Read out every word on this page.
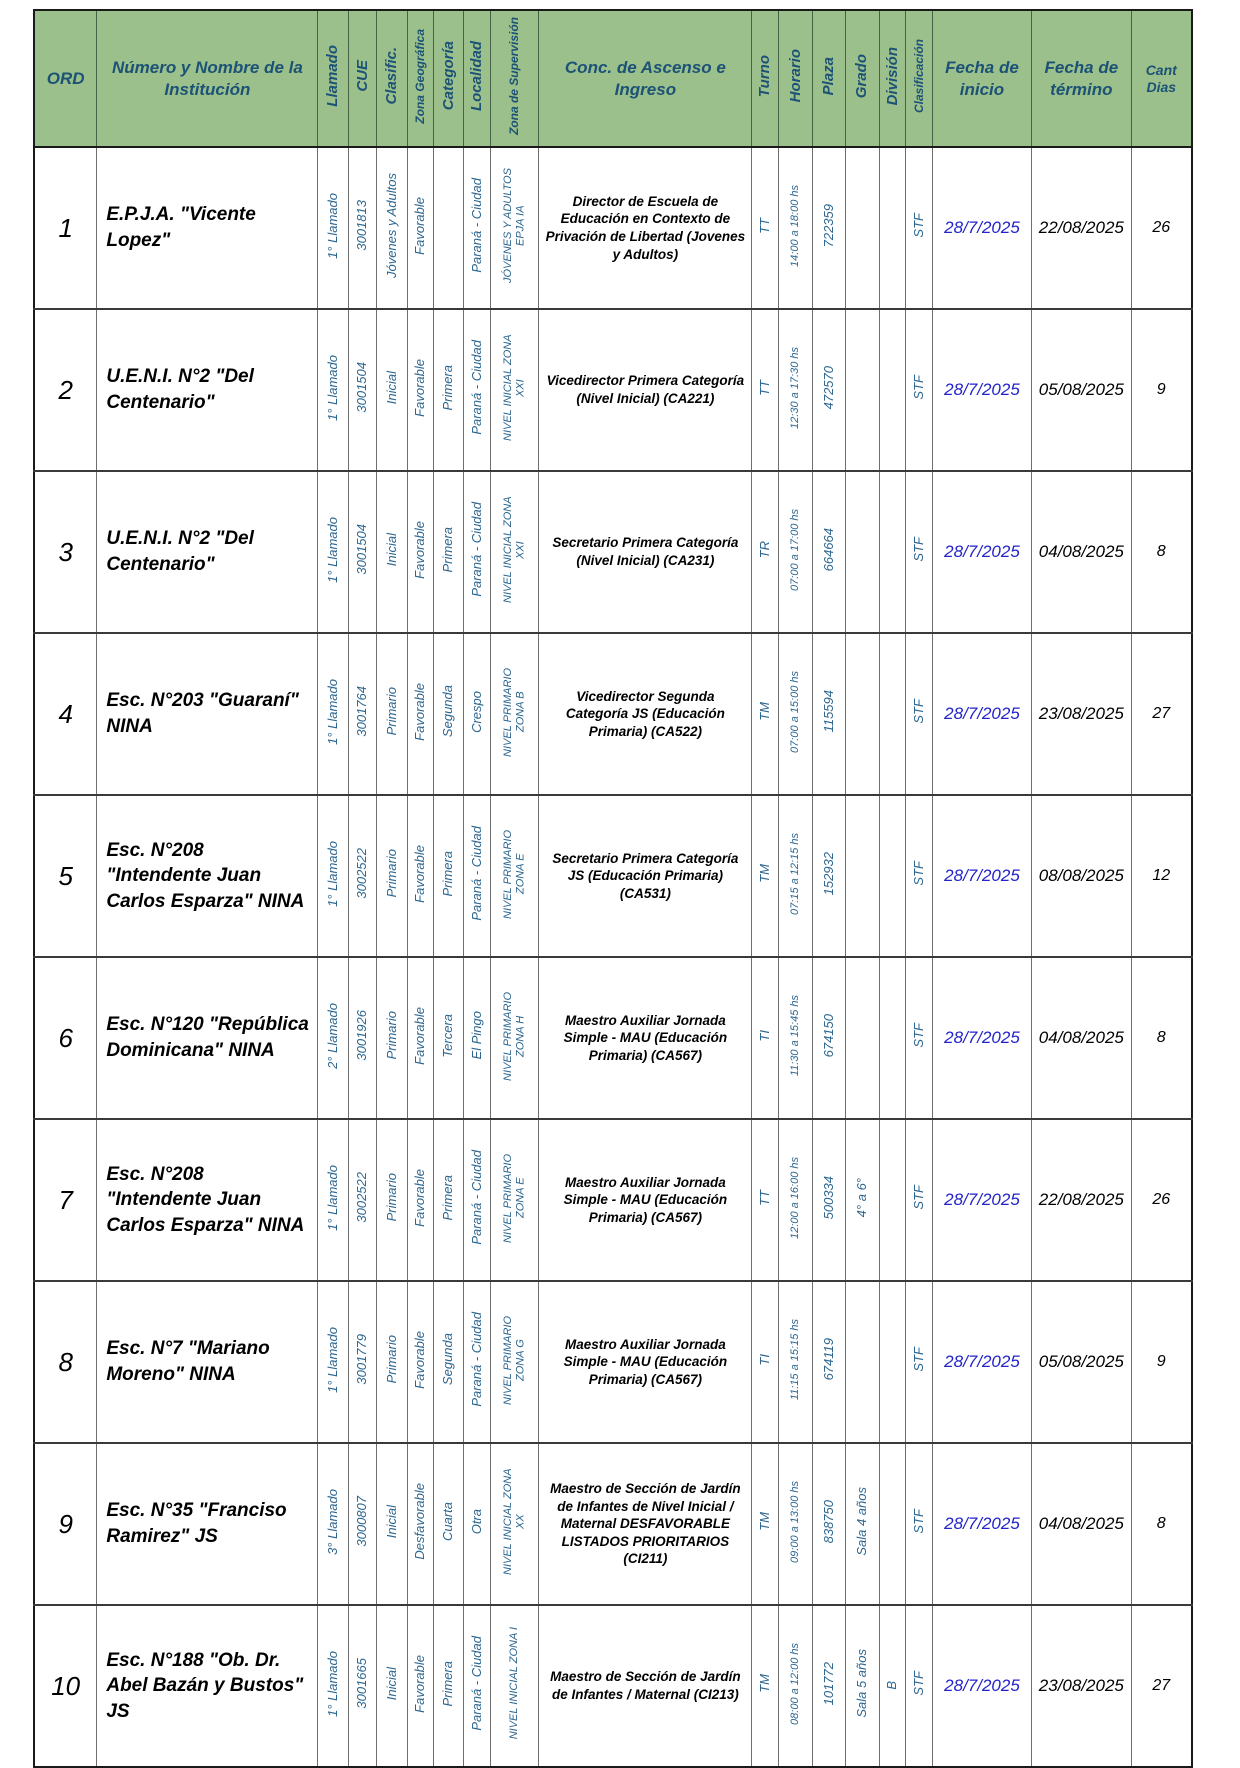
ORD	Número y Nombre de la Institución	Llamado	CUE	Clasific.	Zona Geográfica	Categoría	Localidad	Zona de Supervisión	Conc. de Ascenso e Ingreso	Turno	Horario	Plaza	Grado	División	Clasificación	Fecha de inicio	Fecha de término	Cant Dias
1	E.P.J.A. "Vicente Lopez"	1° Llamado	3001813	Jóvenes y Adultos	Favorable		Paraná - Ciudad	JÓVENES Y ADULTOS EPJA IA	Director de Escuela de Educación en Contexto de Privación de Libertad (Jovenes y Adultos)	TT	14:00 a 18:00 hs	722359			STF	28/7/2025	22/08/2025	26
2	U.E.N.I. N°2 "Del Centenario"	1° Llamado	3001504	Inicial	Favorable	Primera	Paraná - Ciudad	NIVEL INICIAL ZONA XXI	Vicedirector Primera Categoría (Nivel Inicial) (CA221)	TT	12:30 a 17:30 hs	472570			STF	28/7/2025	05/08/2025	9
3	U.E.N.I. N°2 "Del Centenario"	1° Llamado	3001504	Inicial	Favorable	Primera	Paraná - Ciudad	NIVEL INICIAL ZONA XXI	Secretario Primera Categoría (Nivel Inicial) (CA231)	TR	07:00 a 17:00 hs	664664			STF	28/7/2025	04/08/2025	8
4	Esc. N°203 "Guaraní" NINA	1° Llamado	3001764	Primario	Favorable	Segunda	Crespo	NIVEL PRIMARIO ZONA B	Vicedirector Segunda Categoría JS (Educación Primaria) (CA522)	TM	07:00 a 15:00 hs	115594			STF	28/7/2025	23/08/2025	27
5	Esc. N°208 "Intendente Juan Carlos Esparza" NINA	1° Llamado	3002522	Primario	Favorable	Primera	Paraná - Ciudad	NIVEL PRIMARIO ZONA E	Secretario Primera Categoría JS (Educación Primaria) (CA531)	TM	07:15 a 12:15 hs	152932			STF	28/7/2025	08/08/2025	12
6	Esc. N°120 "República Dominicana" NINA	2° Llamado	3001926	Primario	Favorable	Tercera	El Pingo	NIVEL PRIMARIO ZONA H	Maestro Auxiliar Jornada Simple - MAU (Educación Primaria) (CA567)	TI	11:30 a 15:45 hs	674150			STF	28/7/2025	04/08/2025	8
7	Esc. N°208 "Intendente Juan Carlos Esparza" NINA	1° Llamado	3002522	Primario	Favorable	Primera	Paraná - Ciudad	NIVEL PRIMARIO ZONA E	Maestro Auxiliar Jornada Simple - MAU (Educación Primaria) (CA567)	TT	12:00 a 16:00 hs	500334	4° a 6°		STF	28/7/2025	22/08/2025	26
8	Esc. N°7 "Mariano Moreno" NINA	1° Llamado	3001779	Primario	Favorable	Segunda	Paraná - Ciudad	NIVEL PRIMARIO ZONA G	Maestro Auxiliar Jornada Simple - MAU (Educación Primaria) (CA567)	TI	11:15 a 15:15 hs	674119			STF	28/7/2025	05/08/2025	9
9	Esc. N°35 "Franciso Ramirez" JS	3° Llamado	3000807	Inicial	Desfavorable	Cuarta	Otra	NIVEL INICIAL ZONA XX	Maestro de Sección de Jardín de Infantes de Nivel Inicial / Maternal DESFAVORABLE LISTADOS PRIORITARIOS (CI211)	TM	09:00 a 13:00 hs	838750	Sala 4 años		STF	28/7/2025	04/08/2025	8
10	Esc. N°188 "Ob. Dr. Abel Bazán y Bustos" JS	1° Llamado	3001665	Inicial	Favorable	Primera	Paraná - Ciudad	NIVEL INICIAL ZONA I	Maestro de Sección de Jardín de Infantes / Maternal (CI213)	TM	08:00 a 12:00 hs	101772	Sala 5 años	B	STF	28/7/2025	23/08/2025	27
